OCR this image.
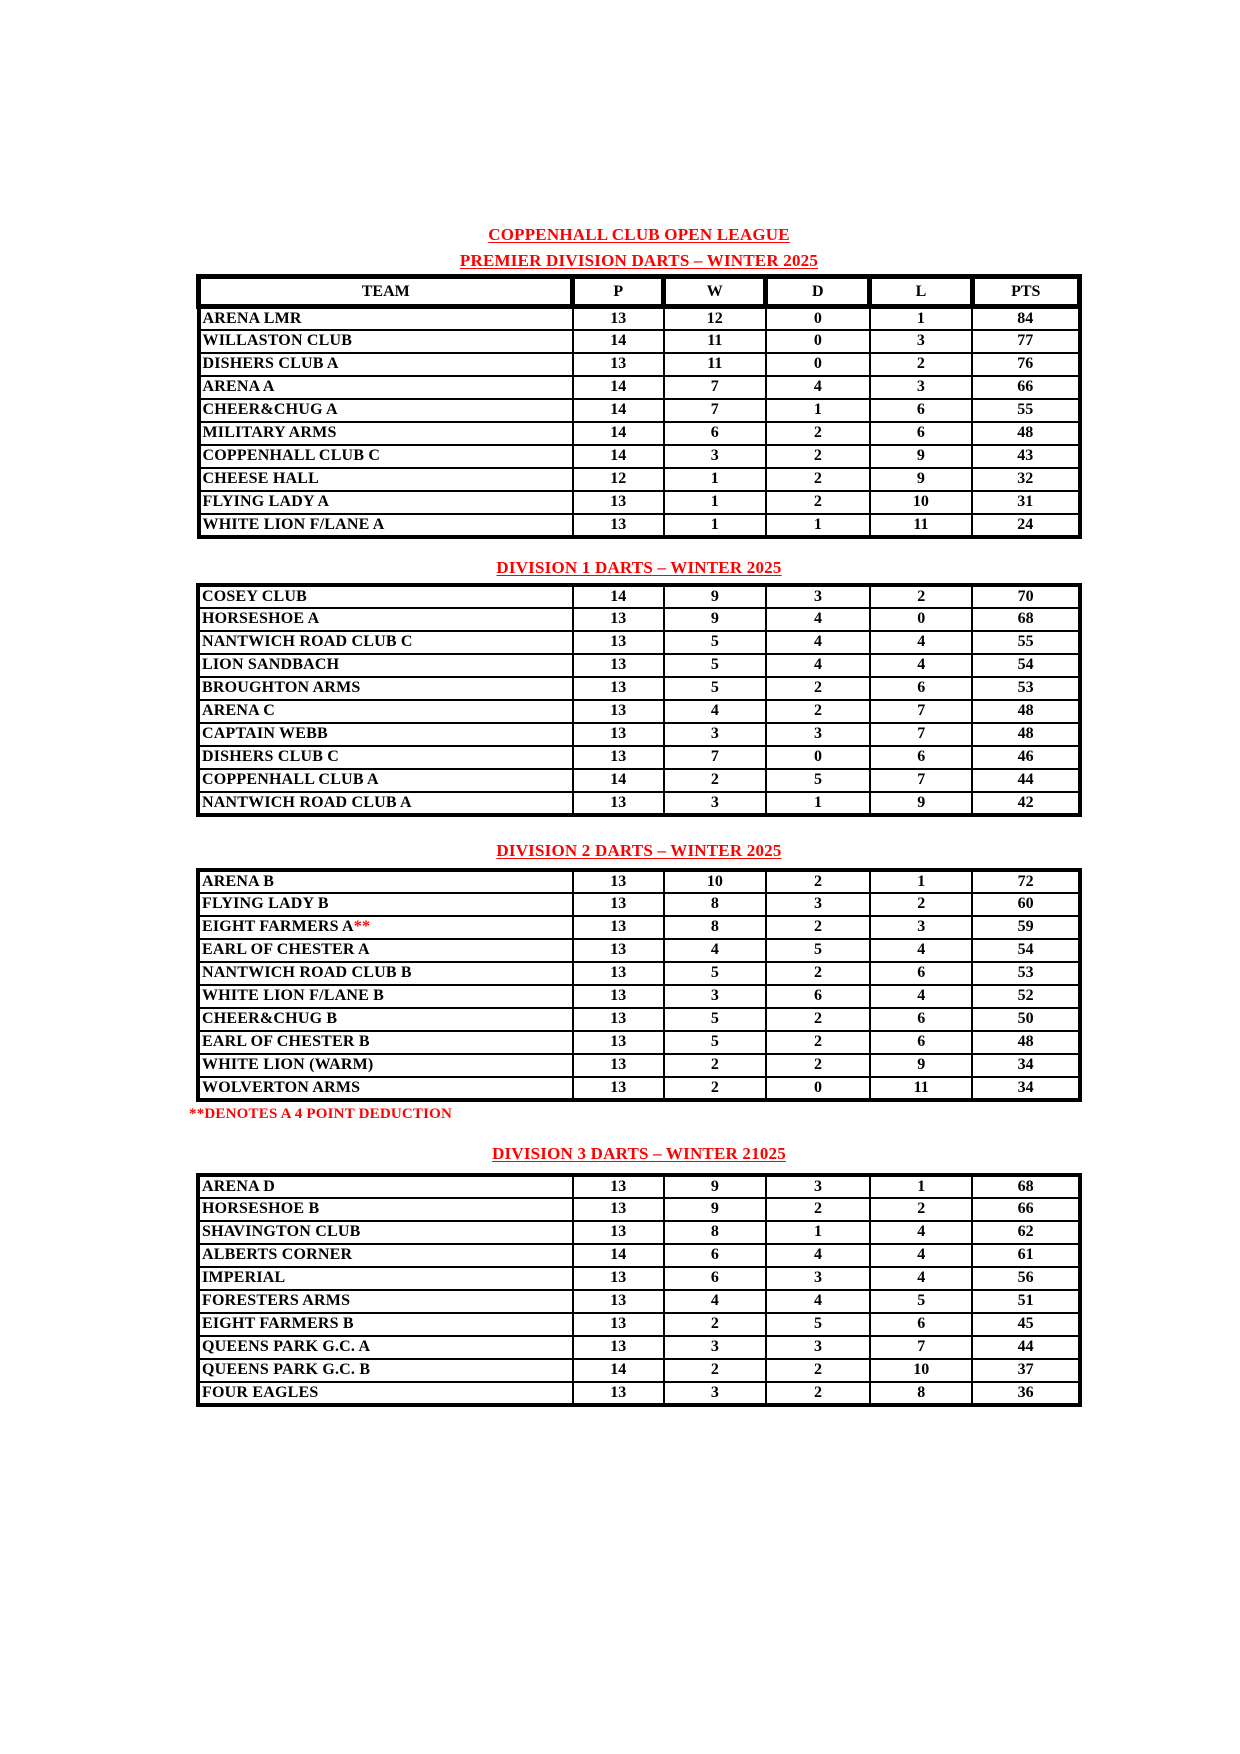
COPPENHALL CLUB OPEN LEAGUE
PREMIER DIVISION DARTS – WINTER 2025
TEAM	P	W	D	L	PTS
ARENA LMR	13	12	0	1	84
WILLASTON CLUB	14	11	0	3	77
DISHERS CLUB A	13	11	0	2	76
ARENA A	14	7	4	3	66
CHEER&CHUG A	14	7	1	6	55
MILITARY ARMS	14	6	2	6	48
COPPENHALL CLUB C	14	3	2	9	43
CHEESE HALL	12	1	2	9	32
FLYING LADY A	13	1	2	10	31
WHITE LION F/LANE A	13	1	1	11	24
DIVISION 1 DARTS – WINTER 2025
COSEY CLUB	14	9	3	2	70
HORSESHOE A	13	9	4	0	68
NANTWICH ROAD CLUB C	13	5	4	4	55
LION SANDBACH	13	5	4	4	54
BROUGHTON ARMS	13	5	2	6	53
ARENA C	13	4	2	7	48
CAPTAIN WEBB	13	3	3	7	48
DISHERS CLUB C	13	7	0	6	46
COPPENHALL CLUB A	14	2	5	7	44
NANTWICH ROAD CLUB A	13	3	1	9	42
DIVISION 2 DARTS – WINTER 2025
ARENA B	13	10	2	1	72
FLYING LADY B	13	8	3	2	60
EIGHT FARMERS A**	13	8	2	3	59
EARL OF CHESTER A	13	4	5	4	54
NANTWICH ROAD CLUB B	13	5	2	6	53
WHITE LION F/LANE B	13	3	6	4	52
CHEER&CHUG B	13	5	2	6	50
EARL OF CHESTER B	13	5	2	6	48
WHITE LION (WARM)	13	2	2	9	34
WOLVERTON ARMS	13	2	0	11	34
**DENOTES A 4 POINT DEDUCTION
DIVISION 3 DARTS – WINTER 21025
ARENA D	13	9	3	1	68
HORSESHOE B	13	9	2	2	66
SHAVINGTON CLUB	13	8	1	4	62
ALBERTS CORNER	14	6	4	4	61
IMPERIAL	13	6	3	4	56
FORESTERS ARMS	13	4	4	5	51
EIGHT FARMERS B	13	2	5	6	45
QUEENS PARK G.C. A	13	3	3	7	44
QUEENS PARK G.C. B	14	2	2	10	37
FOUR EAGLES	13	3	2	8	36
